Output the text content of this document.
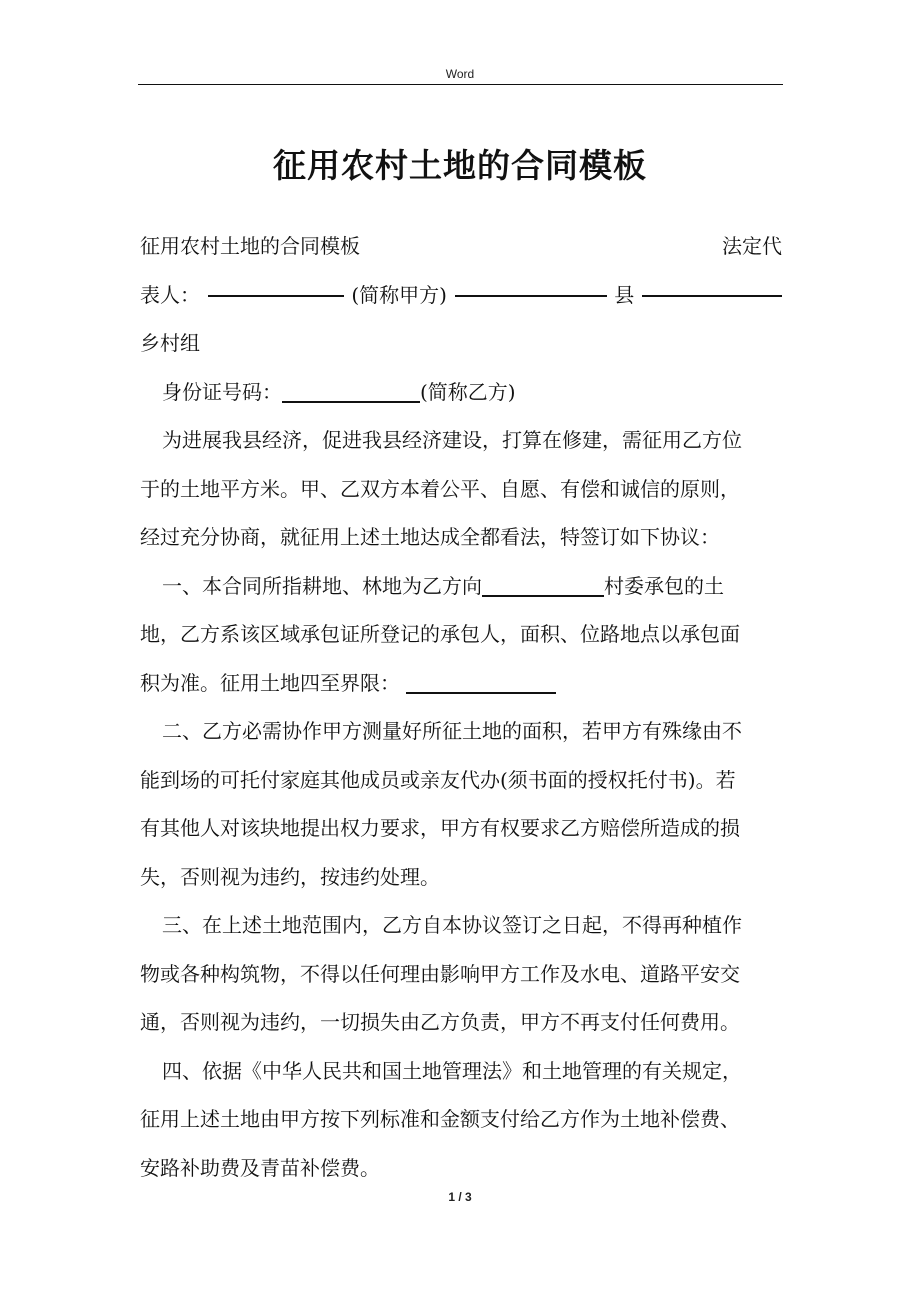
Word
征用农村土地的合同模板
征用农村土地的合同模板	法定代
表人：	(简称甲方)	县
乡村组
身份证号码：	(简称乙方)
为进展我县经济，促进我县经济建设，打算在修建，需征用乙方位
于的土地平方米。甲、乙双方本着公平、自愿、有偿和诚信的原则，
经过充分协商，就征用上述土地达成全都看法，特签订如下协议：
一、本合同所指耕地、林地为乙方向	村委承包的土
地，乙方系该区域承包证所登记的承包人，面积、位路地点以承包面
积为准。征用土地四至界限：
二、乙方必需协作甲方测量好所征土地的面积，若甲方有殊缘由不
能到场的可托付家庭其他成员或亲友代办(须书面的授权托付书)。若
有其他人对该块地提出权力要求，甲方有权要求乙方赔偿所造成的损
失，否则视为违约，按违约处理。
三、在上述土地范围内，乙方自本协议签订之日起，不得再种植作
物或各种构筑物，不得以任何理由影响甲方工作及水电、道路平安交
通，否则视为违约，一切损失由乙方负责，甲方不再支付任何费用。
四、依据《中华人民共和国土地管理法》和土地管理的有关规定，
征用上述土地由甲方按下列标准和金额支付给乙方作为土地补偿费、
安路补助费及青苗补偿费。
1 / 3
